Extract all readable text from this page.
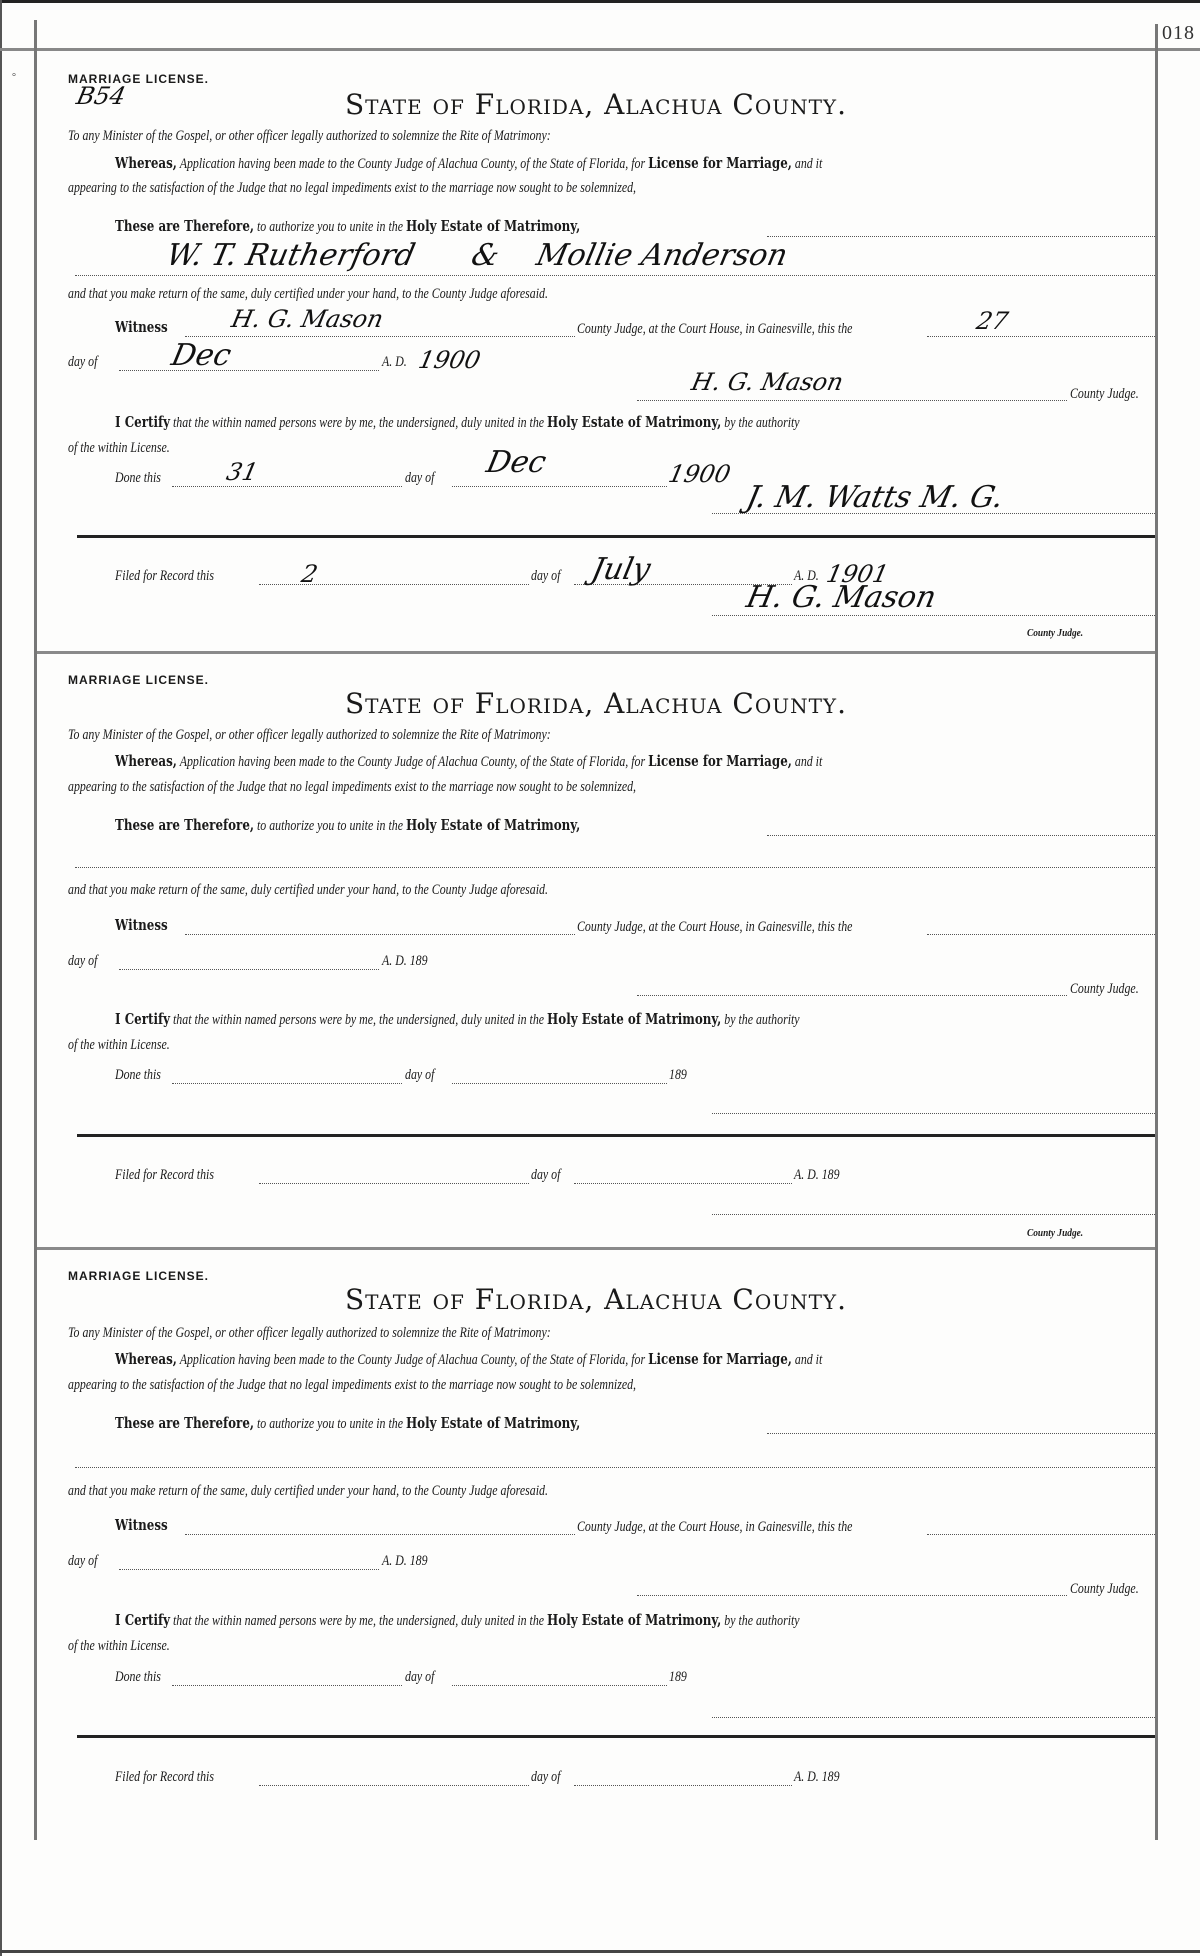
018
°	MARRIAGE LICENSE.
B54	State of Florida, Alachua County.
To any Minister of the Gospel, or other officer legally authorized to solemnize the Rite of Matrimony:
Whereas, Application having been made to the County Judge of Alachua County, of the State of Florida, for License for Marriage, and it
appearing to the satisfaction of the Judge that no legal impediments exist to the marriage now sought to be solemnized,
These are Therefore, to authorize you to unite in the Holy Estate of Matrimony,
W. T. Rutherford & Mollie Anderson
and that you make return of the same, duly certified under your hand, to the County Judge aforesaid.
Witness	H. G. Mason	County Judge, at the Court House, in Gainesville, this the	27
day of Dec	A. D. 1900
H. G. Mason	County Judge.
I Certify that the within named persons were by me, the undersigned, duly united in the Holy Estate of Matrimony, by the authority
of the within License.
Done this	31	day of Dec	1900
J. M. Watts M. G.
Filed for Record this	2	day of July	A. D. 1901
H. G. Mason
County Judge.
MARRIAGE LICENSE.
State of Florida, Alachua County.
To any Minister of the Gospel, or other officer legally authorized to solemnize the Rite of Matrimony:
Whereas, Application having been made to the County Judge of Alachua County, of the State of Florida, for License for Marriage, and it
appearing to the satisfaction of the Judge that no legal impediments exist to the marriage now sought to be solemnized,
These are Therefore, to authorize you to unite in the Holy Estate of Matrimony,
and that you make return of the same, duly certified under your hand, to the County Judge aforesaid.
Witness	County Judge, at the Court House, in Gainesville, this the
day of	A. D. 189
County Judge.
I Certify that the within named persons were by me, the undersigned, duly united in the Holy Estate of Matrimony, by the authority
of the within License.
Done this	day of	189
Filed for Record this	day of	A. D. 189
County Judge.
MARRIAGE LICENSE.
State of Florida, Alachua County.
To any Minister of the Gospel, or other officer legally authorized to solemnize the Rite of Matrimony:
Whereas, Application having been made to the County Judge of Alachua County, of the State of Florida, for License for Marriage, and it
appearing to the satisfaction of the Judge that no legal impediments exist to the marriage now sought to be solemnized,
These are Therefore, to authorize you to unite in the Holy Estate of Matrimony,
and that you make return of the same, duly certified under your hand, to the County Judge aforesaid.
Witness	County Judge, at the Court House, in Gainesville, this the
day of	A. D. 189
County Judge.
I Certify that the within named persons were by me, the undersigned, duly united in the Holy Estate of Matrimony, by the authority
of the within License.
Done this	day of	189
Filed for Record this	day of	A. D. 189
